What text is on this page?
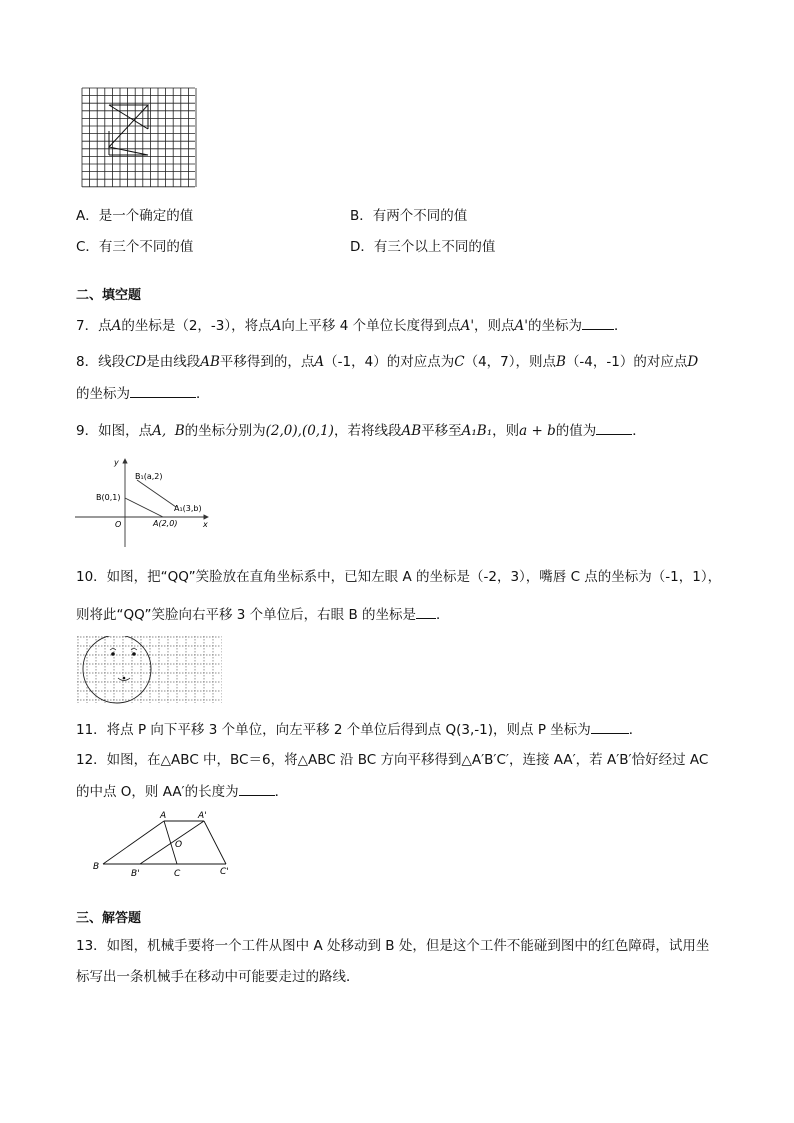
A．是一个确定的值	B．有两个不同的值
C．有三个不同的值	D．有三个以上不同的值
二、填空题
7．点A的坐标是（2，-3），将点A向上平移 4 个单位长度得到点A'，则点A'的坐标为 ．
8．线段CD是由线段AB平移得到的，点A（-1，4）的对应点为C（4，7），则点B（-4，-1）的对应点D
的坐标为	．
9．如图，点A, B的坐标分别为(2,0),(0,1)，若将线段AB平移至A₁B₁，则a + b的值为	．
y
x
O
B(0,1)
A(2,0)
B₁(a,2)
A₁(3,b)
10．如图，把“QQ”笑脸放在直角坐标系中，已知左眼 A 的坐标是（-2，3），嘴唇 C 点的坐标为（-1，1），
则将此“QQ”笑脸向右平移 3 个单位后，右眼 B 的坐标是 ．
11．将点 P 向下平移 3 个单位，向左平移 2 个单位后得到点 Q(3,-1)，则点 P 坐标为	．
12．如图，在△ABC 中，BC＝6，将△ABC 沿 BC 方向平移得到△A′B′C′，连接 AA′，若 A′B′恰好经过 AC
的中点 O，则 AA′的长度为	．
A	A'
O
B
B'	C	C'
三、解答题
13．如图，机械手要将一个工件从图中 A 处移动到 B 处，但是这个工件不能碰到图中的红色障碍，试用坐
标写出一条机械手在移动中可能要走过的路线．
